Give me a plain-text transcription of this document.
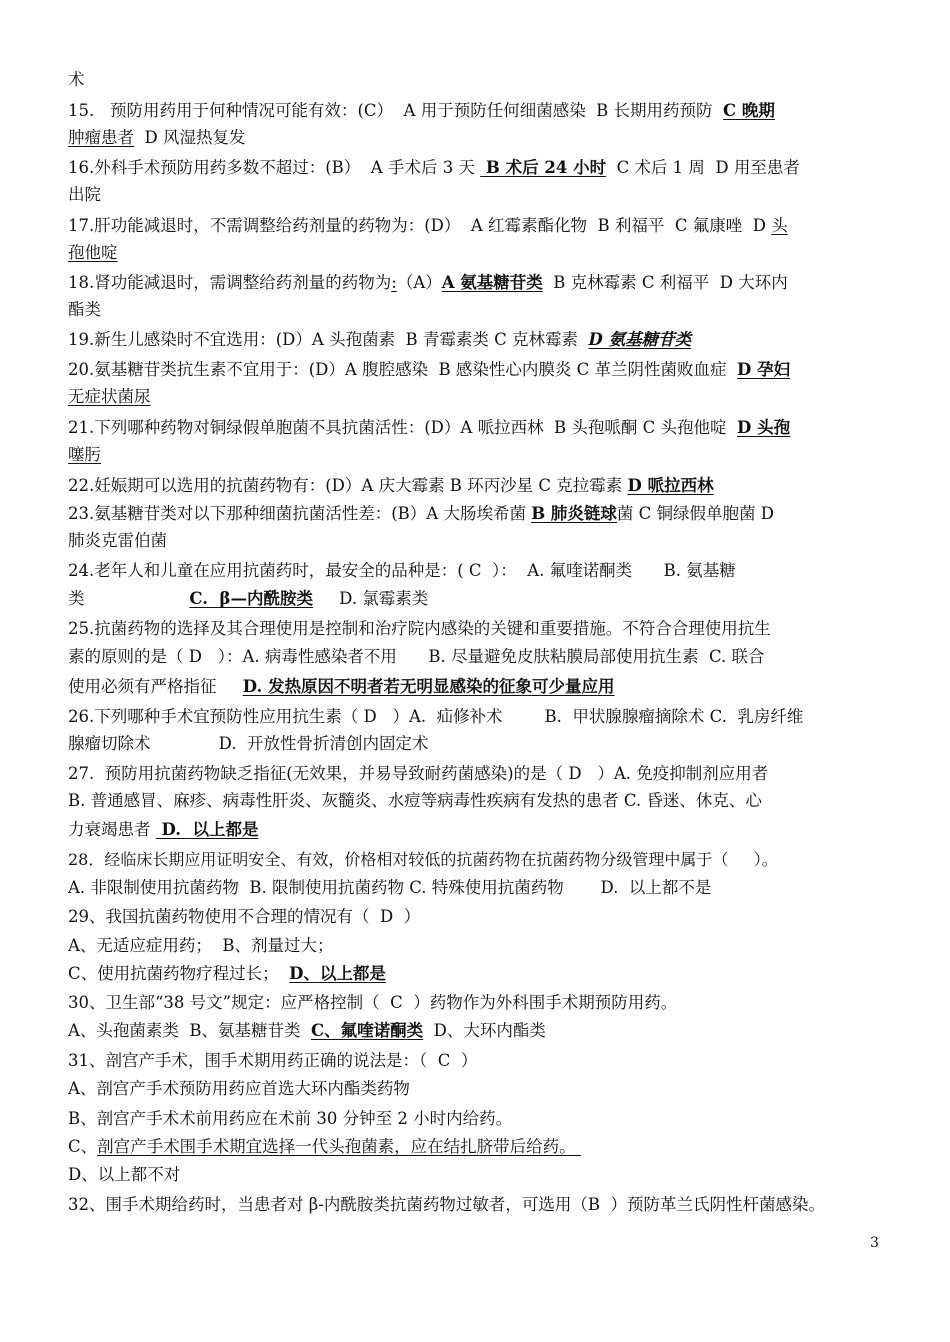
术
15.   预防用药用于何种情况可能有效：(C）  A 用于预防任何细菌感染  B 长期用药预防  C 晚期
肿瘤患者  D 风湿热复发
16.外科手术预防用药多数不超过：(B）  A 手术后 3 天  B 术后 24 小时  C 术后 1 周  D 用至患者
出院
17.肝功能减退时，不需调整给药剂量的药物为：(D）  A 红霉素酯化物  B 利福平  C 氟康唑  D 头
孢他啶
18.肾功能减退时，需调整给药剂量的药物为:（A）A 氨基糖苷类  B 克林霉素 C 利福平  D 大环内
酯类
19.新生儿感染时不宜选用：(D）A 头孢菌素  B 青霉素类 C 克林霉素  D 氨基糖苷类
20.氨基糖苷类抗生素不宜用于：(D）A 腹腔感染  B 感染性心内膜炎 C 革兰阴性菌败血症  D 孕妇
无症状菌尿
21.下列哪种药物对铜绿假单胞菌不具抗菌活性：(D）A 哌拉西林  B 头孢哌酮 C 头孢他啶  D 头孢
噻肟
22.妊娠期可以选用的抗菌药物有：(D）A 庆大霉素 B 环丙沙星 C 克拉霉素 D 哌拉西林
23.氨基糖苷类对以下那种细菌抗菌活性差：(B）A 大肠埃希菌 B 肺炎链球菌 C 铜绿假单胞菌 D
肺炎克雷伯菌
24.老年人和儿童在应用抗菌药时，最安全的品种是：( C  ）：  A. 氟喹诺酮类      B. 氨基糖
类                    C.  β—内酰胺类     D. 氯霉素类
25.抗菌药物的选择及其合理使用是控制和治疗院内感染的关键和重要措施。不符合合理使用抗生
素的原则的是（ D   ）：A. 病毒性感染者不用      B. 尽量避免皮肤粘膜局部使用抗生素  C. 联合
使用必须有严格指征     D. 发热原因不明者若无明显感染的征象可少量应用
26.下列哪种手术宜预防性应用抗生素（ D   ）A.  疝修补术        B.  甲状腺腺瘤摘除术 C.  乳房纤维
腺瘤切除术             D.  开放性骨折清创内固定术
27.  预防用抗菌药物缺乏指征(无效果，并易导致耐药菌感染)的是（ D   ）A. 免疫抑制剂应用者
B. 普通感冒、麻疹、病毒性肝炎、灰髓炎、水痘等病毒性疾病有发热的患者 C. 昏迷、休克、心
力衰竭患者  D.  以上都是
28．经临床长期应用证明安全、有效，价格相对较低的抗菌药物在抗菌药物分级管理中属于（     ）。
A. 非限制使用抗菌药物  B. 限制使用抗菌药物 C. 特殊使用抗菌药物       D.  以上都不是
29、我国抗菌药物使用不合理的情况有（  D  ）
A、无适应症用药；  B、剂量过大；
C、使用抗菌药物疗程过长；  D、以上都是
30、卫生部“38 号文”规定：应严格控制（  C  ）药物作为外科围手术期预防用药。
A、头孢菌素类  B、氨基糖苷类  C、氟喹诺酮类  D、大环内酯类
31、剖宫产手术，围手术期用药正确的说法是：（  C  ）
A、剖宫产手术预防用药应首选大环内酯类药物
B、剖宫产手术术前用药应在术前 30 分钟至 2 小时内给药。
C、剖宫产手术围手术期宜选择一代头孢菌素，应在结扎脐带后给药。
D、以上都不对
32、围手术期给药时，当患者对 β-内酰胺类抗菌药物过敏者，可选用（B  ）预防革兰氏阴性杆菌感染。
3
